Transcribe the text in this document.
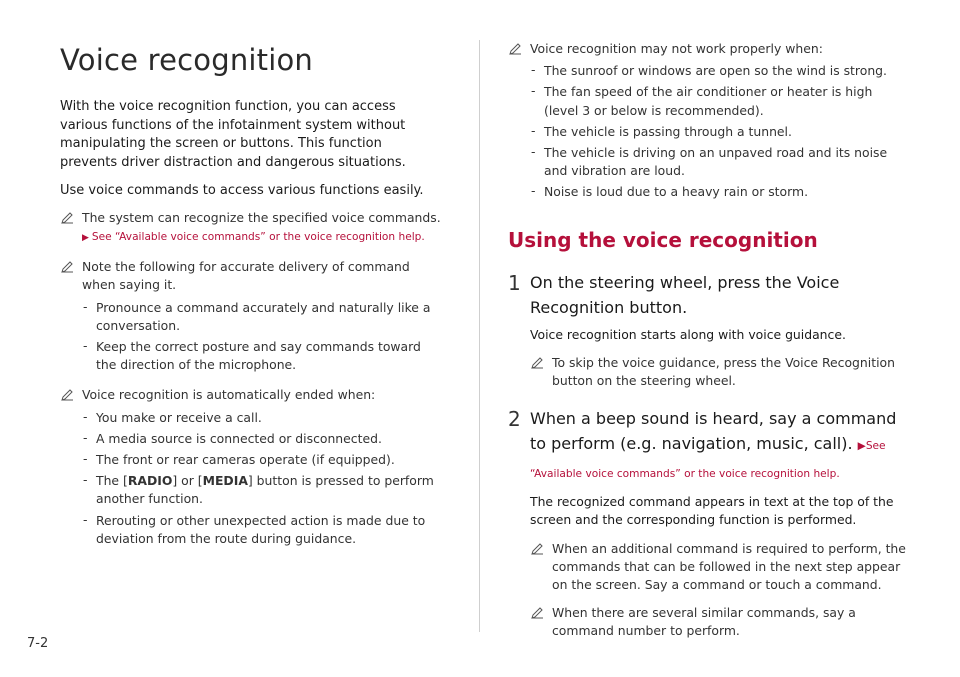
Voice recognition

With the voice recognition function, you can access various functions of the infotainment system without manipulating the screen or buttons. This function prevents driver distraction and dangerous situations.

Use voice commands to access various functions easily.

The system can recognize the specified voice commands.
▶ See “Available voice commands” or the voice recognition help.
Note the following for accurate delivery of command when saying it.
- Pronounce a command accurately and naturally like a conversation.
- Keep the correct posture and say commands toward the direction of the microphone.
Voice recognition is automatically ended when:
- You make or receive a call.
- A media source is connected or disconnected.
- The front or rear cameras operate (if equipped).
- The [RADIO] or [MEDIA] button is pressed to perform another function.
- Rerouting or other unexpected action is made due to deviation from the route during guidance.
Voice recognition may not work properly when:
- The sunroof or windows are open so the wind is strong.
- The fan speed of the air conditioner or heater is high (level 3 or below is recommended).
- The vehicle is passing through a tunnel.
- The vehicle is driving on an unpaved road and its noise and vibration are loud.
- Noise is loud due to a heavy rain or storm.
Using the voice recognition
1 On the steering wheel, press the Voice Recognition button.
Voice recognition starts along with voice guidance.
To skip the voice guidance, press the Voice Recognition button on the steering wheel.
2 When a beep sound is heard, say a command to perform (e.g. navigation, music, call). ▶See “Available voice commands” or the voice recognition help.
The recognized command appears in text at the top of the screen and the corresponding function is performed.
When an additional command is required to perform, the commands that can be followed in the next step appear on the screen. Say a command or touch a command.
When there are several similar commands, say a command number to perform.
7-2
